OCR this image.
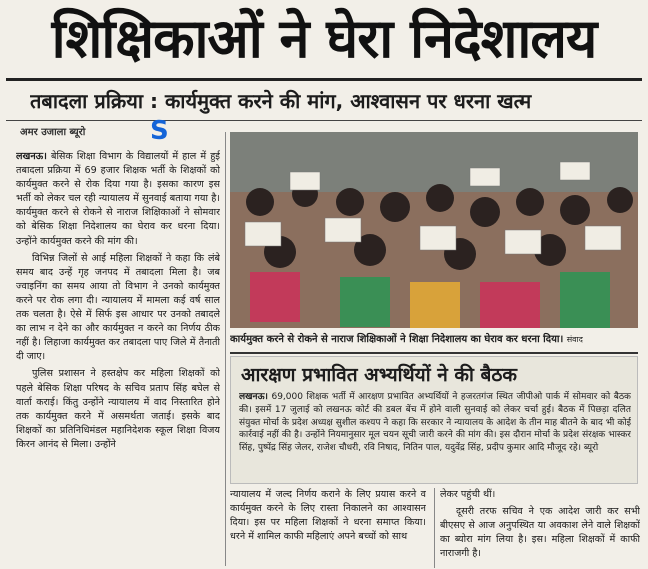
शिक्षिकाओं ने घेरा निदेशालय
तबादला प्रक्रिया : कार्यमुक्त करने की मांग, आश्वासन पर धरना खत्म
अमर उजाला ब्यूरो S

लखनऊ। बेसिक शिक्षा विभाग के विद्यालयों में हाल में हुई तबादला प्रक्रिया में 69 हजार शिक्षक भर्ती के शिक्षकों को कार्यमुक्त करने से रोक दिया गया है। इसका कारण इस भर्ती को लेकर चल रही न्यायालय में सुनवाई बताया गया है। कार्यमुक्त करने से रोकने से नाराज शिक्षिकाओं ने सोमवार को बेसिक शिक्षा निदेशालय का घेराव कर धरना दिया। उन्होंने कार्यमुक्त करने की मांग की।

विभिन्न जिलों से आई महिला शिक्षकों ने कहा कि लंबे समय बाद उन्हें गृह जनपद में तबादला मिला है। जब ज्वाइनिंग का समय आया तो विभाग ने उनको कार्यमुक्त करने पर रोक लगा दी। न्यायालय में मामला कई वर्ष साल तक चलता है। ऐसे में सिर्फ इस आधार पर उनको तबादले का लाभ न देने का और कार्यमुक्त न करने का निर्णय ठीक नहीं है। लिहाजा कार्यमुक्त कर तबादला पाए जिले में तैनाती दी जाए।

पुलिस प्रशासन ने हस्तक्षेप कर महिला शिक्षकों को पहले बेसिक शिक्षा परिषद के सचिव प्रताप सिंह बघेल से वार्ता कराई। किंतु उन्होंने न्यायालय में वाद निस्तारित होने तक कार्यमुक्त करने में असमर्थता जताई। इसके बाद शिक्षकों का प्रतिनिधिमंडल महानिदेशक स्कूल शिक्षा विजय किरन आनंद से मिला। उन्होंने

कार्यमुक्त करने से रोकने से नाराज शिक्षिकाओं ने शिक्षा निदेशालय का घेराव कर धरना दिया। संवाद
आरक्षण प्रभावित अभ्यर्थियों ने की बैठक

लखनऊ। 69,000 शिक्षक भर्ती में आरक्षण प्रभावित अभ्यर्थियों ने हजरतगंज स्थित जीपीओ पार्क में सोमवार को बैठक की। इसमें 17 जुलाई को लखनऊ कोर्ट की डबल बेंच में होने वाली सुनवाई को लेकर चर्चा हुई। बैठक में पिछड़ा दलित संयुक्त मोर्चा के प्रदेश अध्यक्ष सुशील कश्यप ने कहा कि सरकार ने न्यायालय के आदेश के तीन माह बीतने के बाद भी कोई कार्रवाई नहीं की है। उन्होंने नियमानुसार मूल चयन सूची जारी करने की मांग की। इस दौरान मोर्चा के प्रदेश संरक्षक भास्कर सिंह, पुष्पेंद्र सिंह जेलर, राजेश चौधरी, रवि निषाद, नितिन पाल, यदुवेंद्र सिंह, प्रदीप कुमार आदि मौजूद रहे। ब्यूरो

न्यायालय में जल्द निर्णय कराने के लिए प्रयास करने व कार्यमुक्त करने के लिए रास्ता निकालने का आश्वासन दिया। इस पर महिला शिक्षकों ने धरना समाप्त किया। धरने में शामिल काफी महिलाएं अपने बच्चों को साथ

लेकर पहुंची थीं।

दूसरी तरफ सचिव ने एक आदेश जारी कर सभी बीएसए से आज अनुपस्थित या अवकाश लेने वाले शिक्षकों का ब्योरा मांग लिया है। इस। महिला शिक्षकों में काफी नाराजगी है।
